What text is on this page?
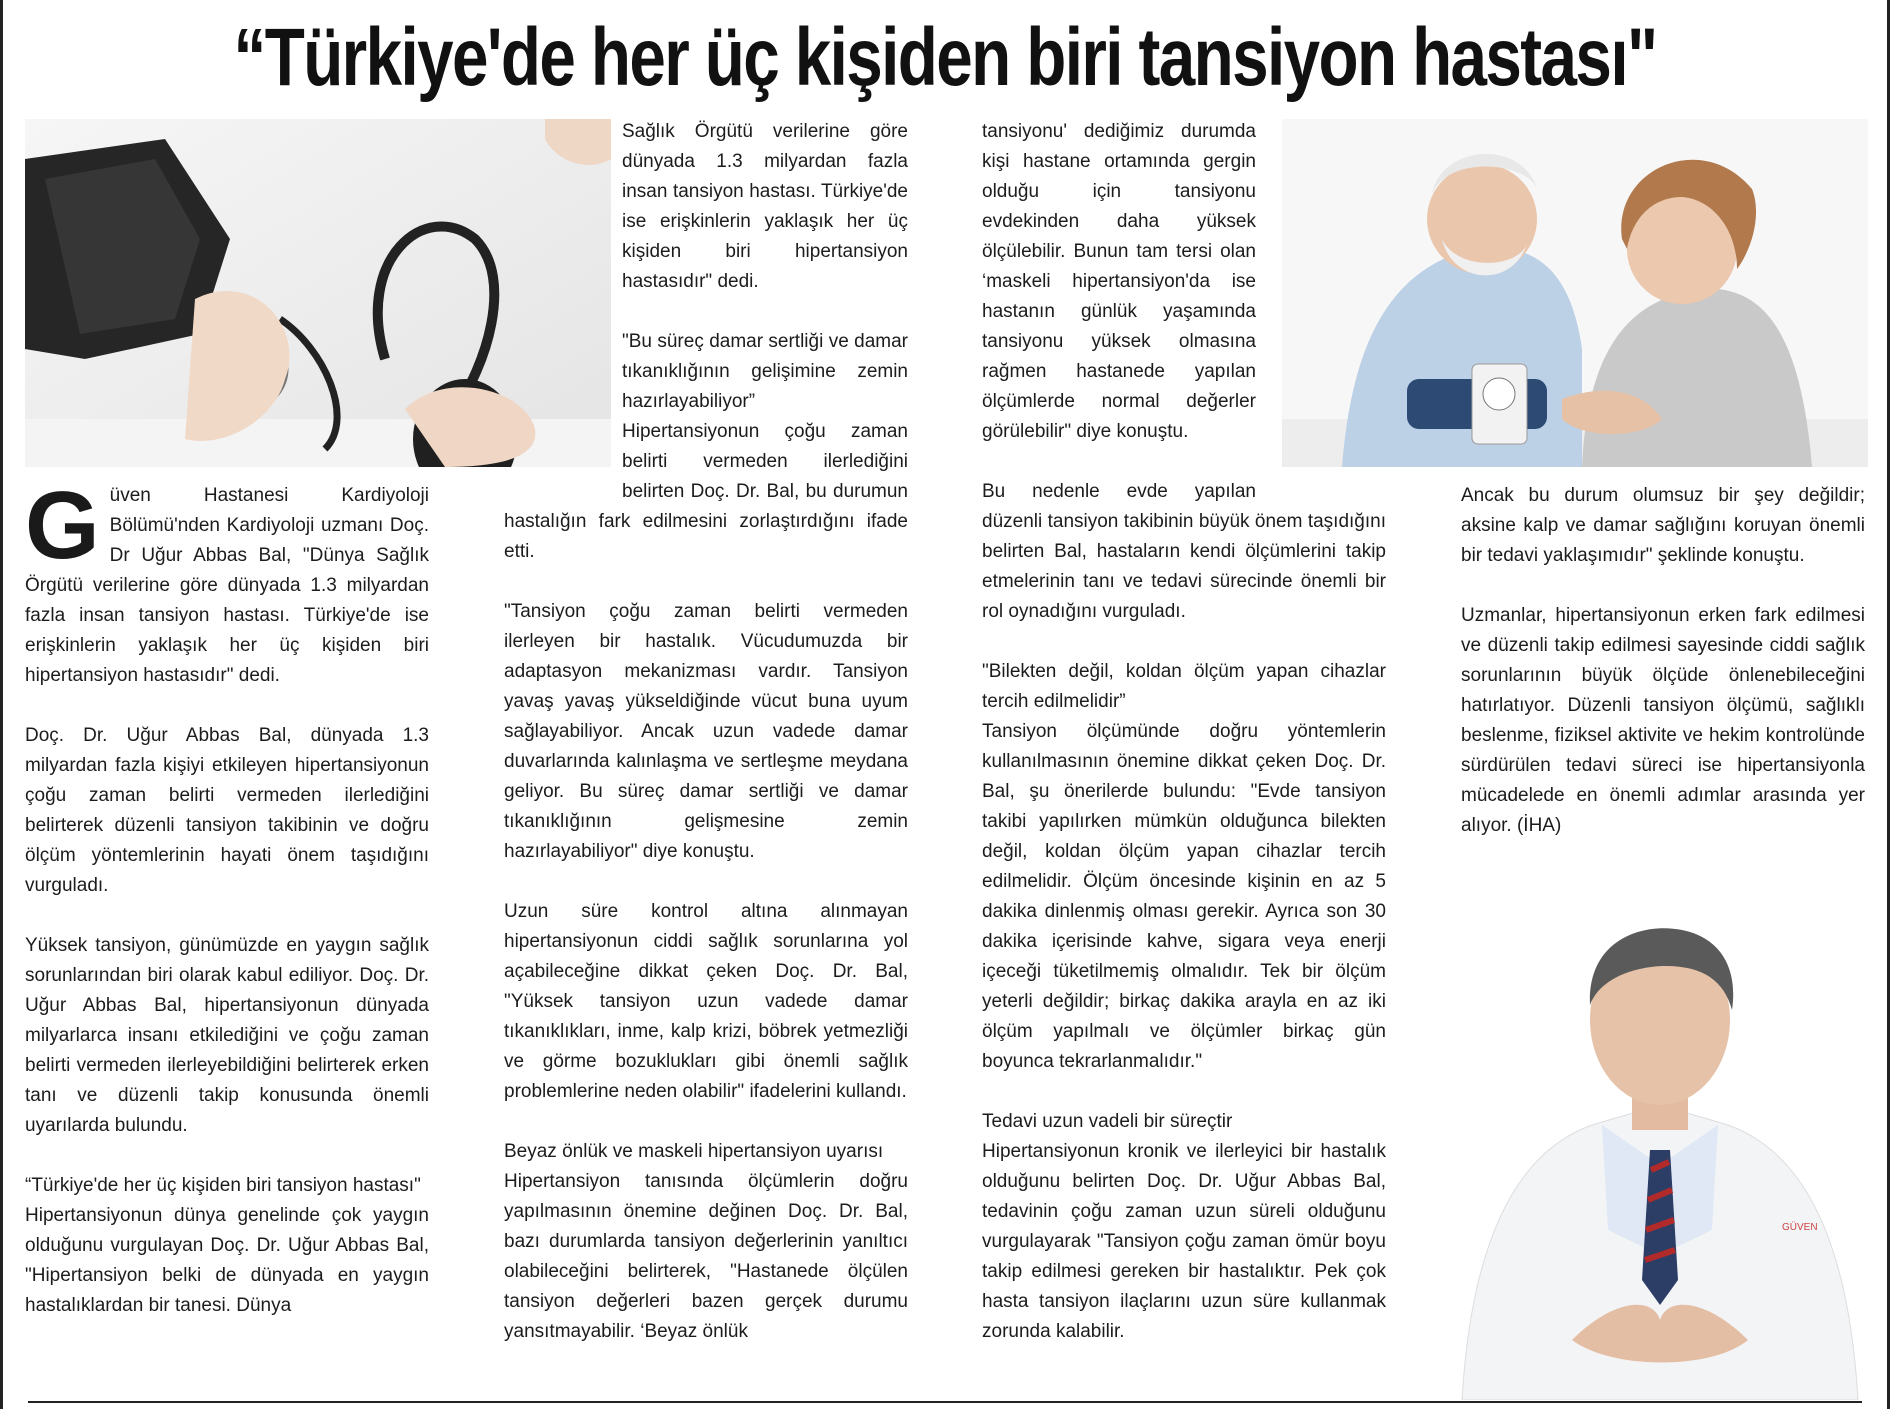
“Türkiye'de her üç kişiden biri tansiyon hastası"
GÜVEN

G üven Hastanesi Kardiyoloji Bölümü'nden Kardiyoloji uzmanı Doç. Dr Uğur Abbas Bal, "Dünya Sağlık Örgütü verilerine göre dünyada 1.3 milyardan fazla insan tansiyon hastası. Türkiye'de ise erişkinlerin yaklaşık her üç kişiden biri hipertansiyon hastasıdır" dedi.

Doç. Dr. Uğur Abbas Bal, dünyada 1.3 milyardan fazla kişiyi etkileyen hipertansiyonun çoğu zaman belirti vermeden ilerlediğini belirterek düzenli tansiyon takibinin ve doğru ölçüm yöntemlerinin hayati önem taşıdığını vurguladı.

Yüksek tansiyon, günümüzde en yaygın sağlık sorunlarından biri olarak kabul ediliyor. Doç. Dr. Uğur Abbas Bal, hipertansiyonun dünyada milyarlarca insanı etkilediğini ve çoğu zaman belirti vermeden ilerleyebildiğini belirterek erken tanı ve düzenli takip konusunda önemli uyarılarda bulundu.

“Türkiye'de her üç kişiden biri tansiyon hastası"

Hipertansiyonun dünya genelinde çok yaygın olduğunu vurgulayan Doç. Dr. Uğur Abbas Bal, "Hipertansiyon belki de dünyada en yaygın hastalıklardan bir tanesi. Dünya

Sağlık Örgütü verilerine göre dünyada 1.3 milyardan fazla insan tansiyon hastası. Türkiye'de ise erişkinlerin yaklaşık her üç kişiden biri hipertansiyon hastasıdır" dedi.

"Bu süreç damar sertliği ve damar tıkanıklığının gelişimine zemin hazırlayabiliyor”

Hipertansiyonun çoğu zaman belirti vermeden ilerlediğini belirten Doç. Dr. Bal, bu durumun hastalığın fark edilmesini zorlaştırdığını ifade etti.

"Tansiyon çoğu zaman belirti vermeden ilerleyen bir hastalık. Vücudumuzda bir adaptasyon mekanizması vardır. Tansiyon yavaş yavaş yükseldiğinde vücut buna uyum sağlayabiliyor. Ancak uzun vadede damar duvarlarında kalınlaşma ve sertleşme meydana geliyor. Bu süreç damar sertliği ve damar tıkanıklığının gelişmesine zemin hazırlayabiliyor" diye konuştu.

Uzun süre kontrol altına alınmayan hipertansiyonun ciddi sağlık sorunlarına yol açabileceğine dikkat çeken Doç. Dr. Bal, "Yüksek tansiyon uzun vadede damar tıkanıklıkları, inme, kalp krizi, böbrek yetmezliği ve görme bozuklukları gibi önemli sağlık problemlerine neden olabilir" ifadelerini kullandı.

Beyaz önlük ve maskeli hipertansiyon uyarısı

Hipertansiyon tanısında ölçümlerin doğru yapılmasının önemine değinen Doç. Dr. Bal, bazı durumlarda tansiyon değerlerinin yanıltıcı olabileceğini belirterek, "Hastanede ölçülen tansiyon değerleri bazen gerçek durumu yansıtmayabilir. ‘Beyaz önlük

tansiyonu' dediğimiz durumda kişi hastane ortamında gergin olduğu için tansiyonu evdekinden daha yüksek ölçülebilir. Bunun tam tersi olan ‘maskeli hipertansiyon'da ise hastanın günlük yaşamında tansiyonu yüksek olmasına rağmen hastanede yapılan ölçümlerde normal değerler görülebilir" diye konuştu.

Bu nedenle evde yapılan düzenli tansiyon takibinin büyük önem taşıdığını belirten Bal, hastaların kendi ölçümlerini takip etmelerinin tanı ve tedavi sürecinde önemli bir rol oynadığını vurguladı.

"Bilekten değil, koldan ölçüm yapan cihazlar tercih edilmelidir”

Tansiyon ölçümünde doğru yöntemlerin kullanılmasının önemine dikkat çeken Doç. Dr. Bal, şu önerilerde bulundu: "Evde tansiyon takibi yapılırken mümkün olduğunca bilekten değil, koldan ölçüm yapan cihazlar tercih edilmelidir. Ölçüm öncesinde kişinin en az 5 dakika dinlenmiş olması gerekir. Ayrıca son 30 dakika içerisinde kahve, sigara veya enerji içeceği tüketilmemiş olmalıdır. Tek bir ölçüm yeterli değildir; birkaç dakika arayla en az iki ölçüm yapılmalı ve ölçümler birkaç gün boyunca tekrarlanmalıdır."

Tedavi uzun vadeli bir süreçtir

Hipertansiyonun kronik ve ilerleyici bir hastalık olduğunu belirten Doç. Dr. Uğur Abbas Bal, tedavinin çoğu zaman uzun süreli olduğunu vurgulayarak "Tansiyon çoğu zaman ömür boyu takip edilmesi gereken bir hastalıktır. Pek çok hasta tansiyon ilaçlarını uzun süre kullanmak zorunda kalabilir.

Ancak bu durum olumsuz bir şey değildir; aksine kalp ve damar sağlığını koruyan önemli bir tedavi yaklaşımıdır" şeklinde konuştu.

Uzmanlar, hipertansiyonun erken fark edilmesi ve düzenli takip edilmesi sayesinde ciddi sağlık sorunlarının büyük ölçüde önlenebileceğini hatırlatıyor. Düzenli tansiyon ölçümü, sağlıklı beslenme, fiziksel aktivite ve hekim kontrolünde sürdürülen tedavi süreci ise hipertansiyonla mücadelede en önemli adımlar arasında yer alıyor. (İHA)
